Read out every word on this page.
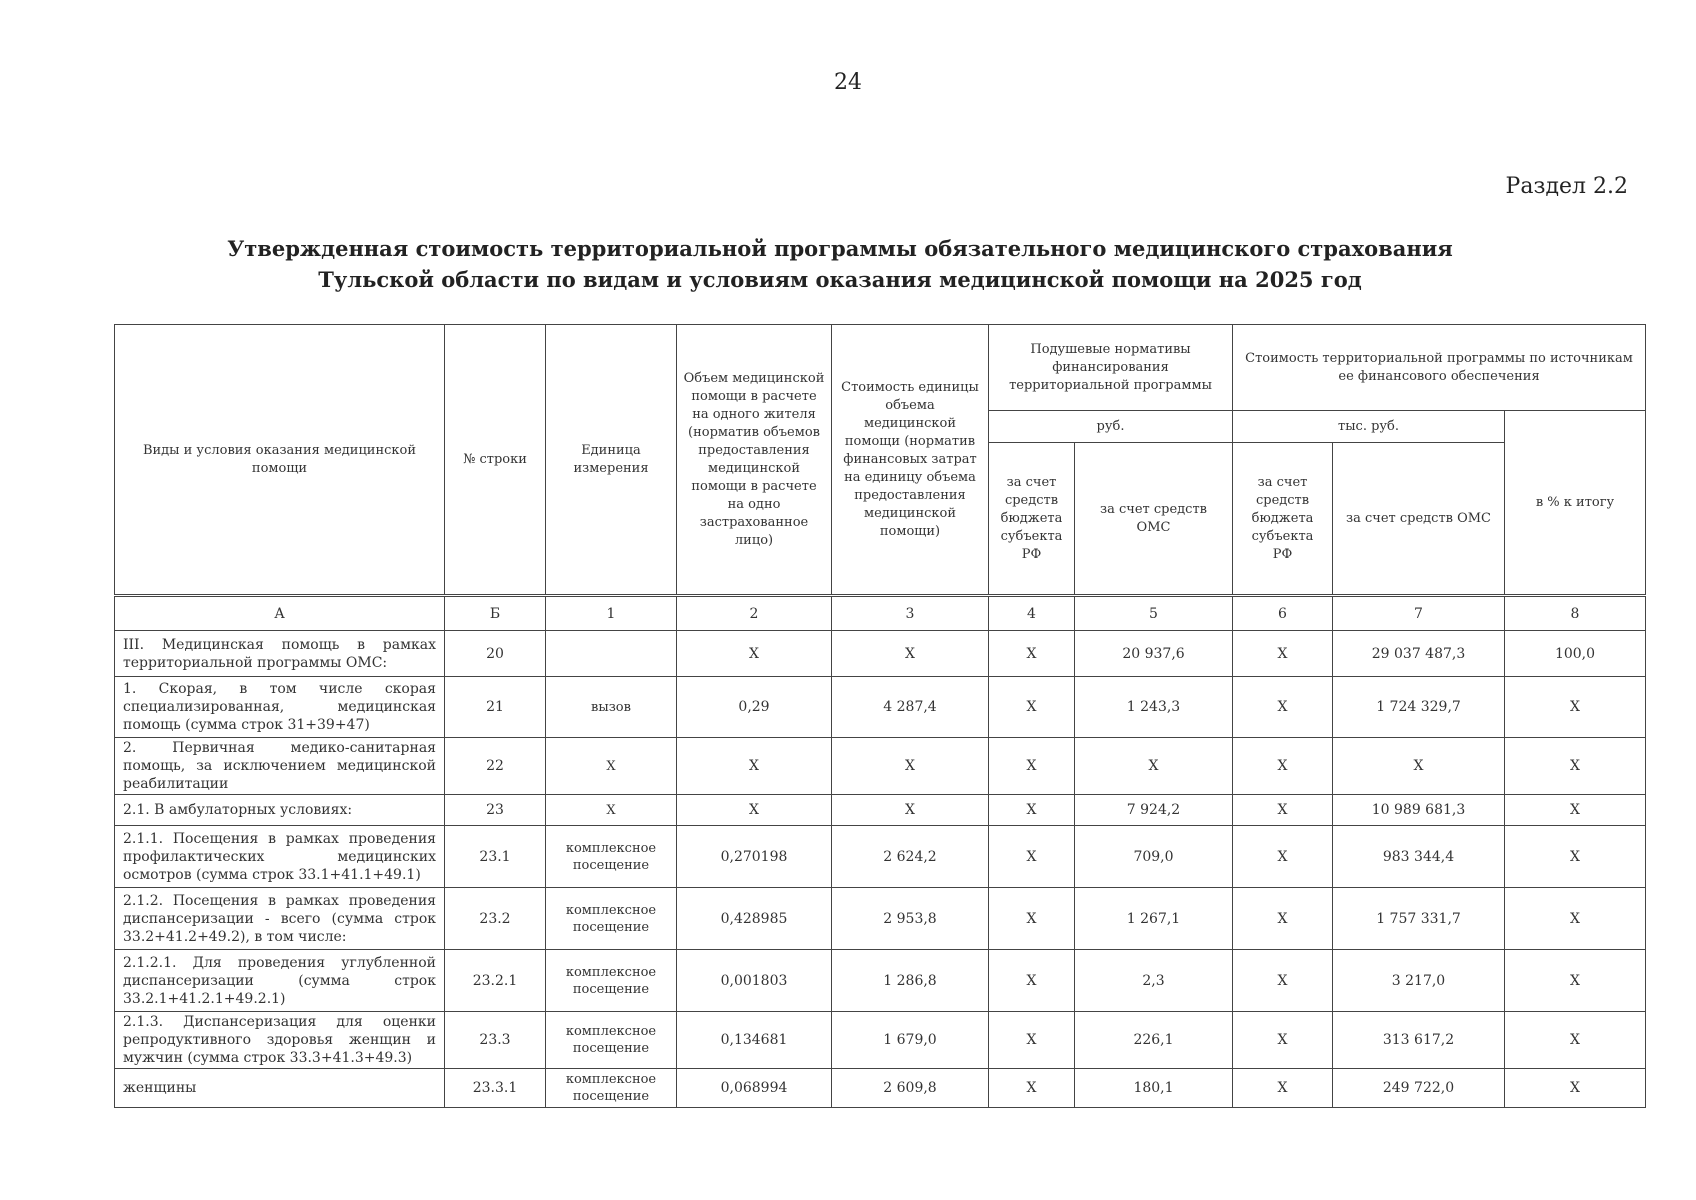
24
Раздел 2.2
Утвержденная стоимость территориальной программы обязательного медицинского страхования
Тульской области по видам и условиям оказания медицинской помощи на 2025 год
Виды и условия оказания медицинской помощи	№ строки	Единица измерения	Объем медицинской помощи в расчете на одного жителя (норматив объемов предоставления медицинской помощи в расчете на одно застрахованное лицо)	Стоимость единицы объема медицинской помощи (норматив финансовых затрат на единицу объема предоставления медицинской помощи)	Подушевые нормативы финансирования территориальной программы		Стоимость территориальной программы по источникам ее финансового обеспечения		
					руб.		тыс. руб.		в % к итогу
					за счет средств бюджета субъекта РФ	за счет средств ОМС	за счет средств бюджета субъекта РФ	за счет средств ОМС	
А	Б	1	2	3	4	5	6	7	8
III. Медицинская помощь в рамках территориальной программы ОМС:	20		X	X	X	20 937,6	X	29 037 487,3	100,0
1. Скорая, в том числе скорая специализированная, медицинская помощь (сумма строк 31+39+47)	21	вызов	0,29	4 287,4	X	1 243,3	X	1 724 329,7	X
2. Первичная медико-санитарная помощь, за исключением медицинской реабилитации	22	X	X	X	X	X	X	X	X
2.1. В амбулаторных условиях:	23	X	X	X	X	7 924,2	X	10 989 681,3	X
2.1.1. Посещения в рамках проведения профилактических медицинских осмотров (сумма строк 33.1+41.1+49.1)	23.1	комплексное посещение	0,270198	2 624,2	X	709,0	X	983 344,4	X
2.1.2. Посещения в рамках проведения диспансеризации - всего (сумма строк 33.2+41.2+49.2), в том числе:	23.2	комплексное посещение	0,428985	2 953,8	X	1 267,1	X	1 757 331,7	X
2.1.2.1. Для проведения углубленной диспансеризации (сумма строк 33.2.1+41.2.1+49.2.1)	23.2.1	комплексное посещение	0,001803	1 286,8	X	2,3	X	3 217,0	X
2.1.3. Диспансеризация для оценки репродуктивного здоровья женщин и мужчин (сумма строк 33.3+41.3+49.3)	23.3	комплексное посещение	0,134681	1 679,0	X	226,1	X	313 617,2	X
женщины	23.3.1	комплексное посещение	0,068994	2 609,8	X	180,1	X	249 722,0	X
